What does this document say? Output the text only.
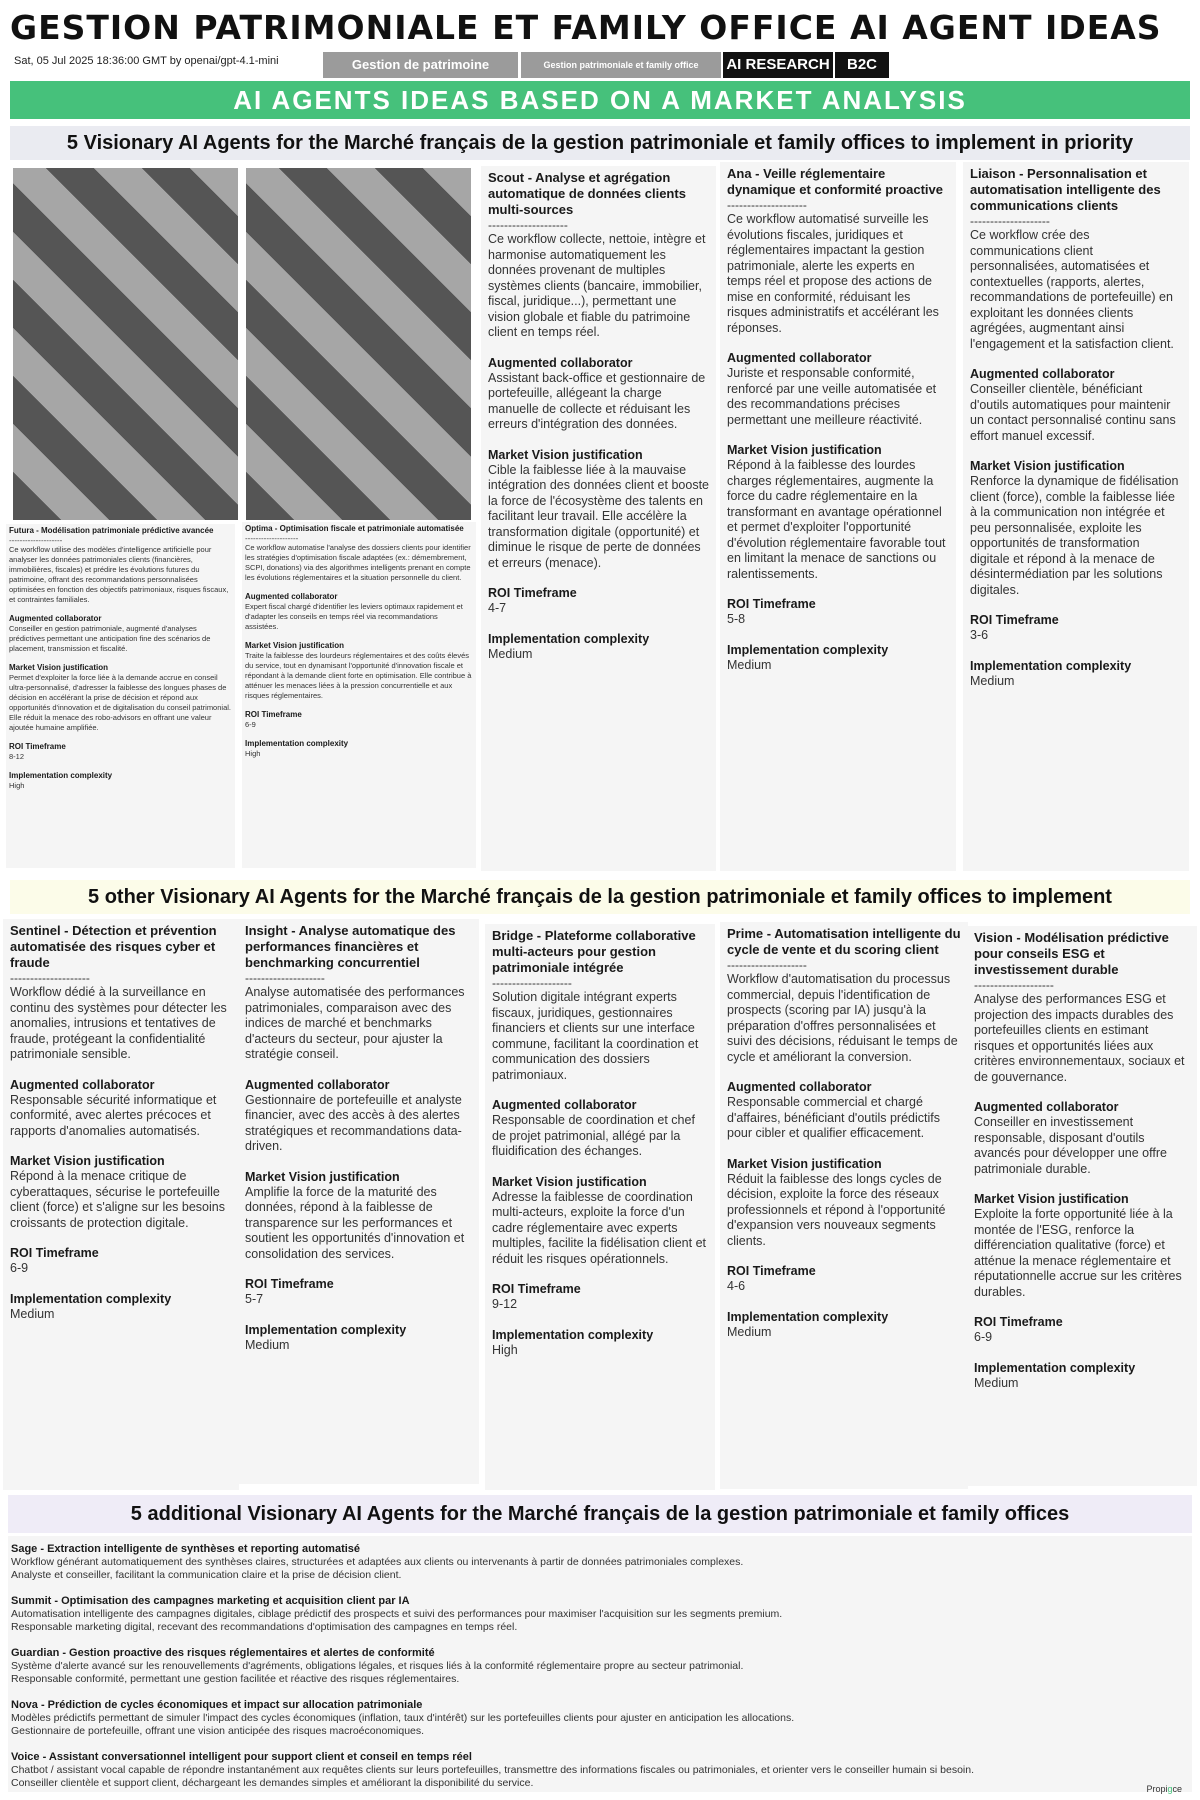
GESTION PATRIMONIALE ET FAMILY OFFICE AI AGENT IDEAS
Sat, 05 Jul 2025 18:36:00 GMT by openai/gpt-4.1-mini	Gestion de patrimoine	Gestion patrimoniale et family office	AI RESEARCH	B2C
AI AGENTS IDEAS BASED ON A MARKET ANALYSIS
5 Visionary AI Agents for the Marché français de la gestion patrimoniale et family offices to implement in priority
Futura - Modélisation patrimoniale prédictive avancée
--------------------
Ce workflow utilise des modèles d'intelligence artificielle pour analyser les données patrimoniales clients (financières, immobilières, fiscales) et prédire les évolutions futures du patrimoine, offrant des recommandations personnalisées optimisées en fonction des objectifs patrimoniaux, risques fiscaux, et contraintes familiales.
Augmented collaborator
Conseiller en gestion patrimoniale, augmenté d'analyses prédictives permettant une anticipation fine des scénarios de placement, transmission et fiscalité.
Market Vision justification
Permet d'exploiter la force liée à la demande accrue en conseil ultra-personnalisé, d'adresser la faiblesse des longues phases de décision en accélérant la prise de décision et répond aux opportunités d'innovation et de digitalisation du conseil patrimonial. Elle réduit la menace des robo-advisors en offrant une valeur ajoutée humaine amplifiée.
ROI Timeframe
8-12
Implementation complexity
High
Optima - Optimisation fiscale et patrimoniale automatisée
--------------------
Ce workflow automatise l'analyse des dossiers clients pour identifier les stratégies d'optimisation fiscale adaptées (ex.: démembrement, SCPI, donations) via des algorithmes intelligents prenant en compte les évolutions réglementaires et la situation personnelle du client.
Augmented collaborator
Expert fiscal chargé d'identifier les leviers optimaux rapidement et d'adapter les conseils en temps réel via recommandations assistées.
Market Vision justification
Traite la faiblesse des lourdeurs réglementaires et des coûts élevés du service, tout en dynamisant l'opportunité d'innovation fiscale et répondant à la demande client forte en optimisation. Elle contribue à atténuer les menaces liées à la pression concurrentielle et aux risques réglementaires.
ROI Timeframe
6-9
Implementation complexity
High
Scout - Analyse et agrégation automatique de données clients multi-sources
--------------------
Ce workflow collecte, nettoie, intègre et harmonise automatiquement les données provenant de multiples systèmes clients (bancaire, immobilier, fiscal, juridique...), permettant une vision globale et fiable du patrimoine client en temps réel.
Augmented collaborator
Assistant back-office et gestionnaire de portefeuille, allégeant la charge manuelle de collecte et réduisant les erreurs d'intégration des données.
Market Vision justification
Cible la faiblesse liée à la mauvaise intégration des données client et booste la force de l'écosystème des talents en facilitant leur travail. Elle accélère la transformation digitale (opportunité) et diminue le risque de perte de données et erreurs (menace).
ROI Timeframe
4-7
Implementation complexity
Medium
Ana - Veille réglementaire dynamique et conformité proactive
--------------------
Ce workflow automatisé surveille les évolutions fiscales, juridiques et réglementaires impactant la gestion patrimoniale, alerte les experts en temps réel et propose des actions de mise en conformité, réduisant les risques administratifs et accélérant les réponses.
Augmented collaborator
Juriste et responsable conformité, renforcé par une veille automatisée et des recommandations précises permettant une meilleure réactivité.
Market Vision justification
Répond à la faiblesse des lourdes charges réglementaires, augmente la force du cadre réglementaire en la transformant en avantage opérationnel et permet d'exploiter l'opportunité d'évolution réglementaire favorable tout en limitant la menace de sanctions ou ralentissements.
ROI Timeframe
5-8
Implementation complexity
Medium
Liaison - Personnalisation et automatisation intelligente des communications clients
--------------------
Ce workflow crée des communications client personnalisées, automatisées et contextuelles (rapports, alertes, recommandations de portefeuille) en exploitant les données clients agrégées, augmentant ainsi l'engagement et la satisfaction client.
Augmented collaborator
Conseiller clientèle, bénéficiant d'outils automatiques pour maintenir un contact personnalisé continu sans effort manuel excessif.
Market Vision justification
Renforce la dynamique de fidélisation client (force), comble la faiblesse liée à la communication non intégrée et peu personnalisée, exploite les opportunités de transformation digitale et répond à la menace de désintermédiation par les solutions digitales.
ROI Timeframe
3-6
Implementation complexity
Medium
5 other Visionary AI Agents for the Marché français de la gestion patrimoniale et family offices to implement
Sentinel - Détection et prévention automatisée des risques cyber et fraude
--------------------
Workflow dédié à la surveillance en continu des systèmes pour détecter les anomalies, intrusions et tentatives de fraude, protégeant la confidentialité patrimoniale sensible.
Augmented collaborator
Responsable sécurité informatique et conformité, avec alertes précoces et rapports d'anomalies automatisés.
Market Vision justification
Répond à la menace critique de cyberattaques, sécurise le portefeuille client (force) et s'aligne sur les besoins croissants de protection digitale.
ROI Timeframe
6-9
Implementation complexity
Medium
Insight - Analyse automatique des performances financières et benchmarking concurrentiel
--------------------
Analyse automatisée des performances patrimoniales, comparaison avec des indices de marché et benchmarks d'acteurs du secteur, pour ajuster la stratégie conseil.
Augmented collaborator
Gestionnaire de portefeuille et analyste financier, avec des accès à des alertes stratégiques et recommandations data-driven.
Market Vision justification
Amplifie la force de la maturité des données, répond à la faiblesse de transparence sur les performances et soutient les opportunités d'innovation et consolidation des services.
ROI Timeframe
5-7
Implementation complexity
Medium
Bridge - Plateforme collaborative multi-acteurs pour gestion patrimoniale intégrée
--------------------
Solution digitale intégrant experts fiscaux, juridiques, gestionnaires financiers et clients sur une interface commune, facilitant la coordination et communication des dossiers patrimoniaux.
Augmented collaborator
Responsable de coordination et chef de projet patrimonial, allégé par la fluidification des échanges.
Market Vision justification
Adresse la faiblesse de coordination multi-acteurs, exploite la force d'un cadre réglementaire avec experts multiples, facilite la fidélisation client et réduit les risques opérationnels.
ROI Timeframe
9-12
Implementation complexity
High
Prime - Automatisation intelligente du cycle de vente et du scoring client
--------------------
Workflow d'automatisation du processus commercial, depuis l'identification de prospects (scoring par IA) jusqu'à la préparation d'offres personnalisées et suivi des décisions, réduisant le temps de cycle et améliorant la conversion.
Augmented collaborator
Responsable commercial et chargé d'affaires, bénéficiant d'outils prédictifs pour cibler et qualifier efficacement.
Market Vision justification
Réduit la faiblesse des longs cycles de décision, exploite la force des réseaux professionnels et répond à l'opportunité d'expansion vers nouveaux segments clients.
ROI Timeframe
4-6
Implementation complexity
Medium
Vision - Modélisation prédictive pour conseils ESG et investissement durable
--------------------
Analyse des performances ESG et projection des impacts durables des portefeuilles clients en estimant risques et opportunités liées aux critères environnementaux, sociaux et de gouvernance.
Augmented collaborator
Conseiller en investissement responsable, disposant d'outils avancés pour développer une offre patrimoniale durable.
Market Vision justification
Exploite la forte opportunité liée à la montée de l'ESG, renforce la différenciation qualitative (force) et atténue la menace réglementaire et réputationnelle accrue sur les critères durables.
ROI Timeframe
6-9
Implementation complexity
Medium
5 additional Visionary AI Agents for the Marché français de la gestion patrimoniale et family offices
Sage - Extraction intelligente de synthèses et reporting automatisé
Workflow générant automatiquement des synthèses claires, structurées et adaptées aux clients ou intervenants à partir de données patrimoniales complexes.
Analyste et conseiller, facilitant la communication claire et la prise de décision client.
Summit - Optimisation des campagnes marketing et acquisition client par IA
Automatisation intelligente des campagnes digitales, ciblage prédictif des prospects et suivi des performances pour maximiser l'acquisition sur les segments premium.
Responsable marketing digital, recevant des recommandations d'optimisation des campagnes en temps réel.
Guardian - Gestion proactive des risques réglementaires et alertes de conformité
Système d'alerte avancé sur les renouvellements d'agréments, obligations légales, et risques liés à la conformité réglementaire propre au secteur patrimonial.
Responsable conformité, permettant une gestion facilitée et réactive des risques réglementaires.
Nova - Prédiction de cycles économiques et impact sur allocation patrimoniale
Modèles prédictifs permettant de simuler l'impact des cycles économiques (inflation, taux d'intérêt) sur les portefeuilles clients pour ajuster en anticipation les allocations.
Gestionnaire de portefeuille, offrant une vision anticipée des risques macroéconomiques.
Voice - Assistant conversationnel intelligent pour support client et conseil en temps réel
Chatbot / assistant vocal capable de répondre instantanément aux requêtes clients sur leurs portefeuilles, transmettre des informations fiscales ou patrimoniales, et orienter vers le conseiller humain si besoin.
Conseiller clientèle et support client, déchargeant les demandes simples et améliorant la disponibilité du service.	Propigce
